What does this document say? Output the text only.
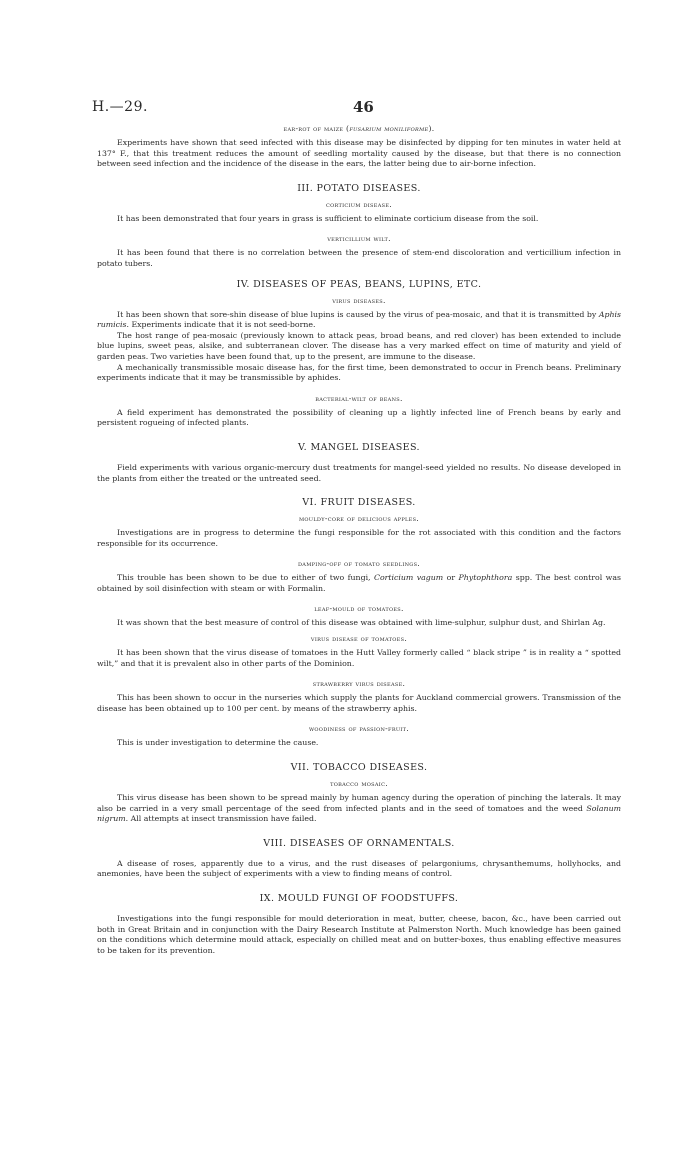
H.—29.	46
ear-rot of maize (fusarium moniliforme).

Experiments have shown that seed infected with this disease may be disinfected by dipping for ten minutes in water held at 137° F., that this treatment reduces the amount of seedling mortality caused by the disease, but that there is no connection between seed infection and the incidence of the disease in the ears, the latter being due to air-borne infection.

III. POTATO DISEASES.
corticium disease.

It has been demonstrated that four years in grass is sufficient to eliminate corticium disease from the soil.

verticillium wilt.

It has been found that there is no correlation between the presence of stem-end discoloration and verticillium infection in potato tubers.

IV. DISEASES OF PEAS, BEANS, LUPINS, ETC.
virus diseases.

It has been shown that sore-shin disease of blue lupins is caused by the virus of pea-mosaic, and that it is transmitted by Aphis rumicis. Experiments indicate that it is not seed-borne.

The host range of pea-mosaic (previously known to attack peas, broad beans, and red clover) has been extended to include blue lupins, sweet peas, alsike, and subterranean clover. The disease has a very marked effect on time of maturity and yield of garden peas. Two varieties have been found that, up to the present, are immune to the disease.

A mechanically transmissible mosaic disease has, for the first time, been demonstrated to occur in French beans. Preliminary experiments indicate that it may be transmissible by aphides.

bacterial-wilt of beans.

A field experiment has demonstrated the possibility of cleaning up a lightly infected line of French beans by early and persistent rogueing of infected plants.

V. MANGEL DISEASES.

Field experiments with various organic-mercury dust treatments for mangel-seed yielded no results. No disease developed in the plants from either the treated or the untreated seed.

VI. FRUIT DISEASES.
mouldy-core of delicious apples.

Investigations are in progress to determine the fungi responsible for the rot associated with this condition and the factors responsible for its occurrence.

damping-off of tomato seedlings.

This trouble has been shown to be due to either of two fungi, Corticium vagum or Phytophthora spp. The best control was obtained by soil disinfection with steam or with Formalin.

leaf-mould of tomatoes.

It was shown that the best measure of control of this disease was obtained with lime-sulphur, sulphur dust, and Shirlan Ag.

virus disease of tomatoes.

It has been shown that the virus disease of tomatoes in the Hutt Valley formerly called “ black stripe ” is in reality a “ spotted wilt,” and that it is prevalent also in other parts of the Dominion.

strawberry virus disease.

This has been shown to occur in the nurseries which supply the plants for Auckland commercial growers. Transmission of the disease has been obtained up to 100 per cent. by means of the strawberry aphis.

woodiness of passion-fruit.

This is under investigation to determine the cause.

VII. TOBACCO DISEASES.
tobacco mosaic.

This virus disease has been shown to be spread mainly by human agency during the operation of pinching the laterals. It may also be carried in a very small percentage of the seed from infected plants and in the seed of tomatoes and the weed Solanum nigrum. All attempts at insect transmission have failed.

VIII. DISEASES OF ORNAMENTALS.

A disease of roses, apparently due to a virus, and the rust diseases of pelargoniums, chrysanthemums, hollyhocks, and anemonies, have been the subject of experiments with a view to finding means of control.

IX. MOULD FUNGI OF FOODSTUFFS.

Investigations into the fungi responsible for mould deterioration in meat, butter, cheese, bacon, &c., have been carried out both in Great Britain and in conjunction with the Dairy Research Institute at Palmerston North. Much knowledge has been gained on the conditions which determine mould attack, especially on chilled meat and on butter-boxes, thus enabling effective measures to be taken for its prevention.
